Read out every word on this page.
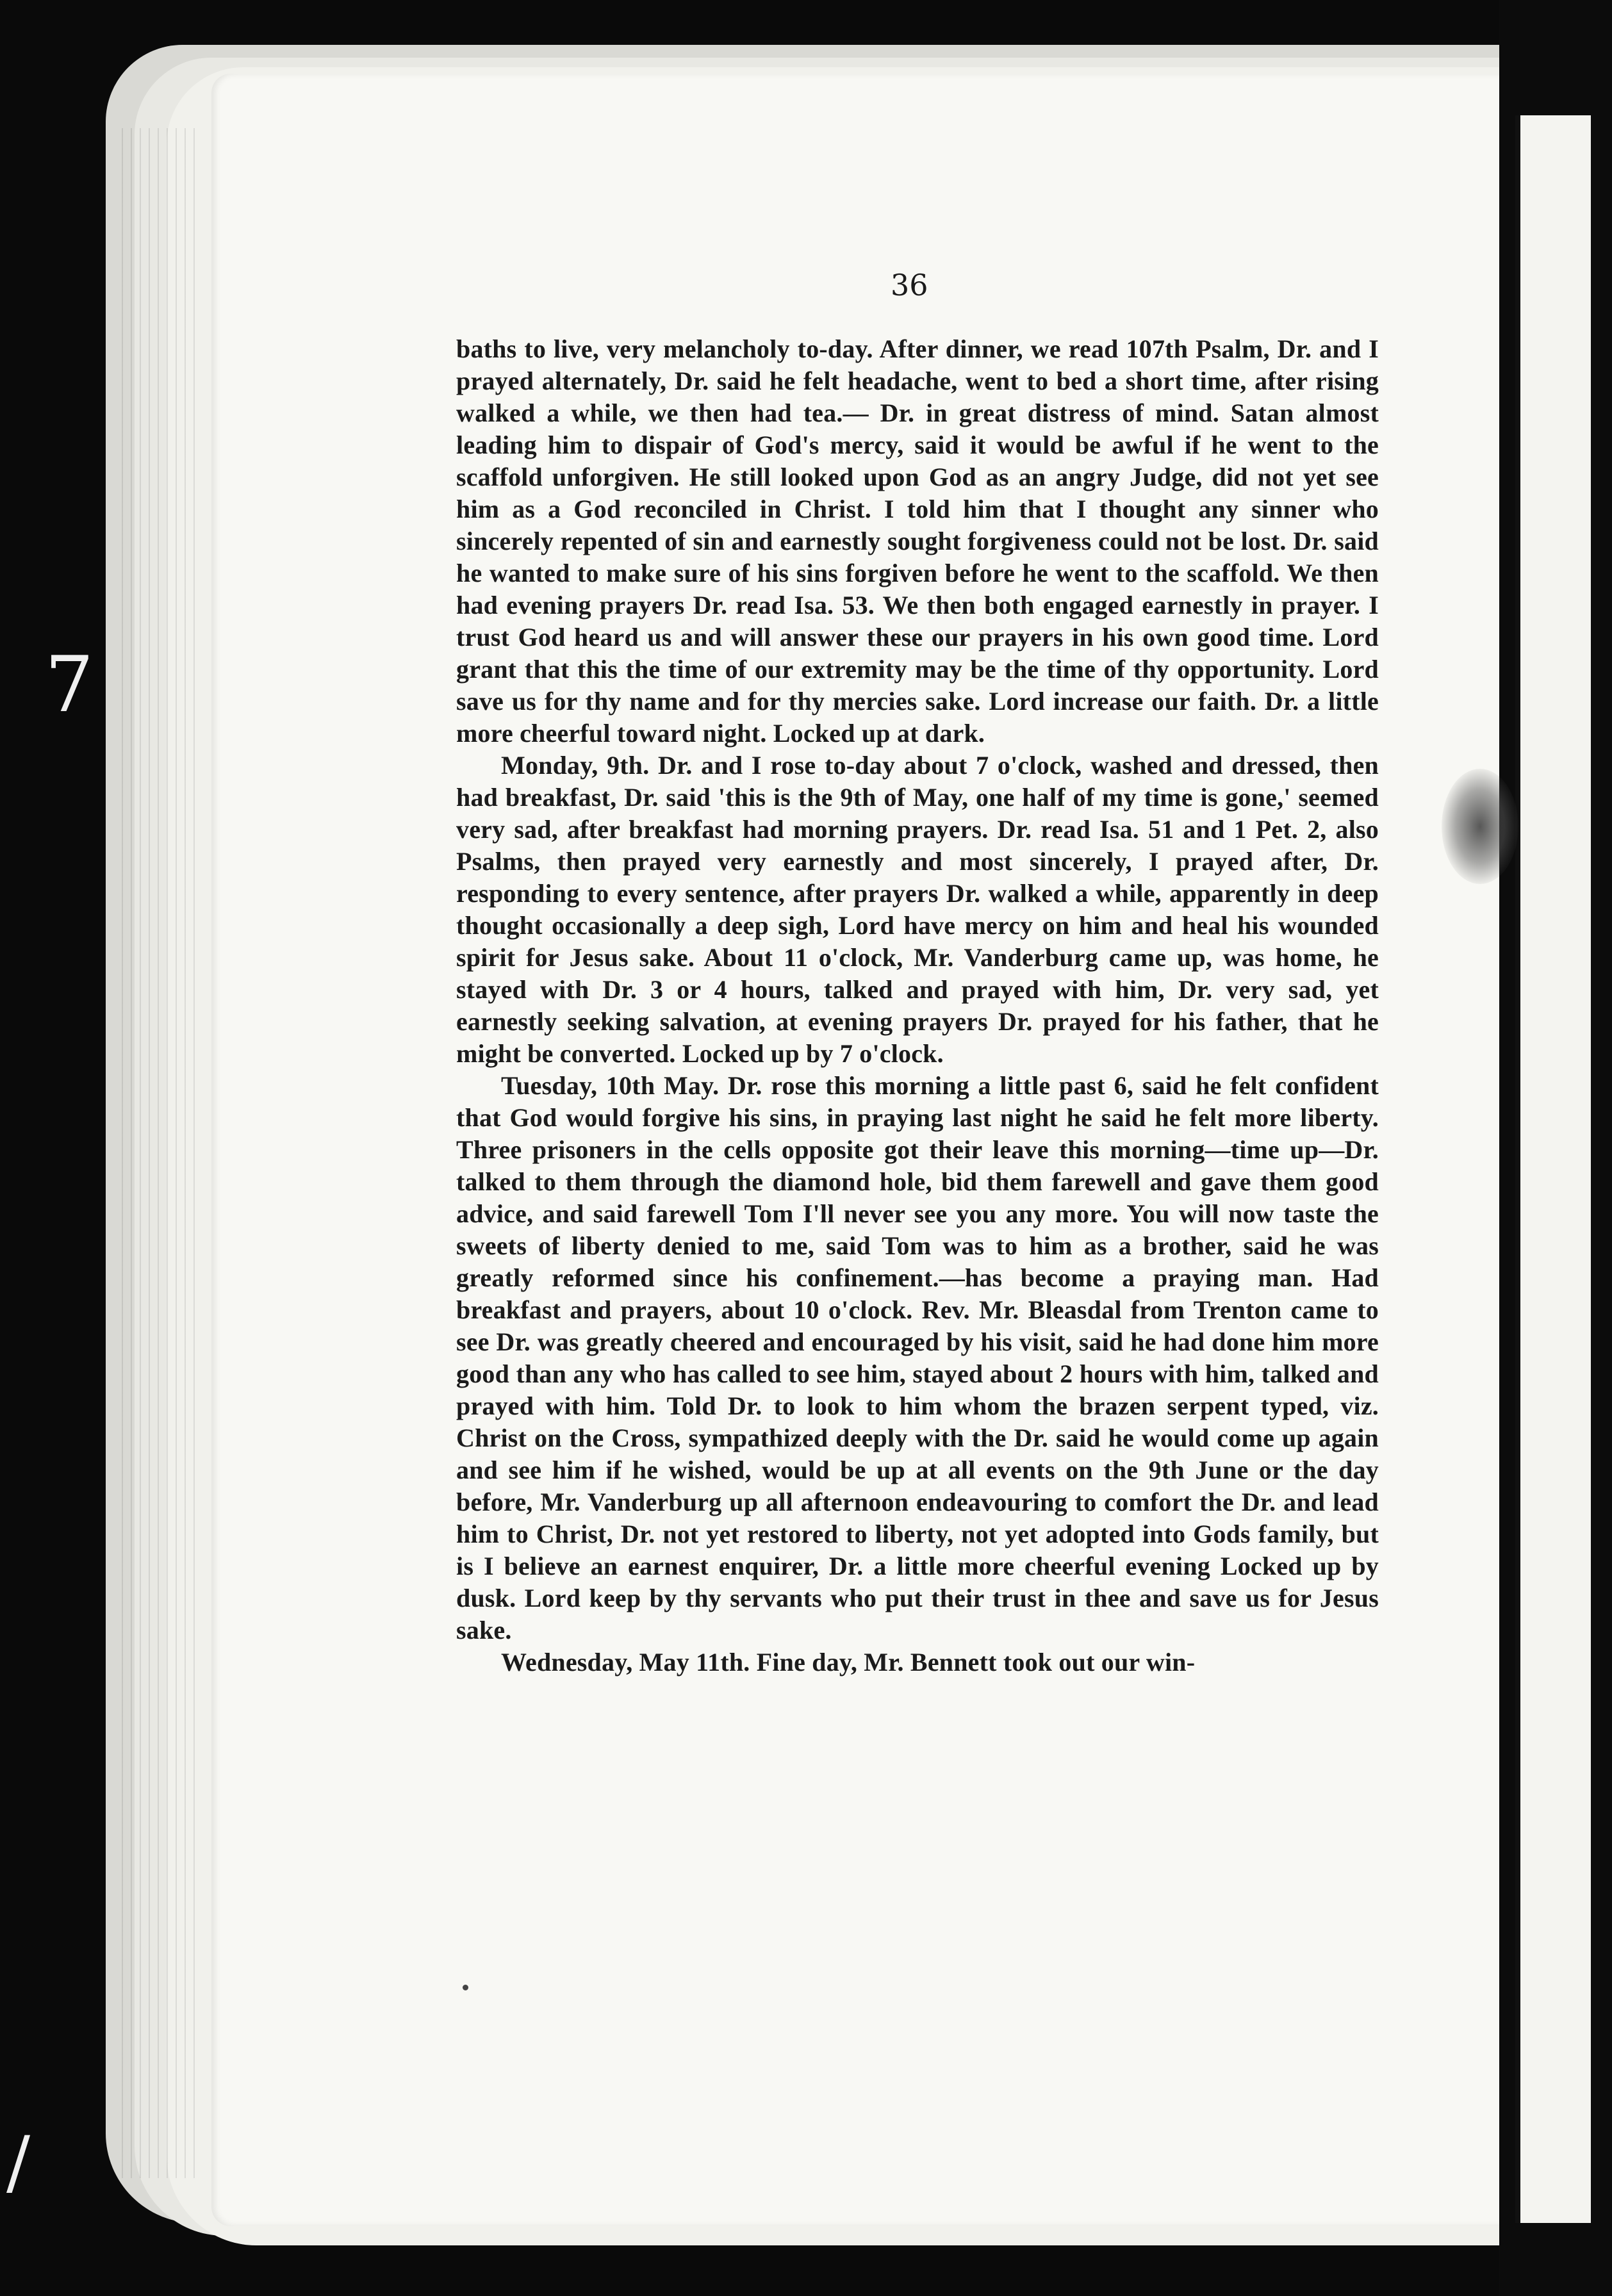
7
/
36

baths to live, very melancholy to-day. After dinner, we read 107th Psalm, Dr. and I prayed alternately, Dr. said he felt headache, went to bed a short time, after rising walked a while, we then had tea.— Dr. in great distress of mind. Satan almost leading him to dispair of God's mercy, said it would be awful if he went to the scaffold unforgiven. He still looked upon God as an angry Judge, did not yet see him as a God reconciled in Christ. I told him that I thought any sinner who sincerely repented of sin and earnestly sought forgiveness could not be lost. Dr. said he wanted to make sure of his sins forgiven before he went to the scaffold. We then had evening prayers Dr. read Isa. 53. We then both engaged earnestly in prayer. I trust God heard us and will answer these our prayers in his own good time. Lord grant that this the time of our extremity may be the time of thy opportunity. Lord save us for thy name and for thy mercies sake. Lord increase our faith. Dr. a little more cheerful toward night. Locked up at dark.

Monday, 9th. Dr. and I rose to-day about 7 o'clock, washed and dressed, then had breakfast, Dr. said 'this is the 9th of May, one half of my time is gone,' seemed very sad, after breakfast had morning prayers. Dr. read Isa. 51 and 1 Pet. 2, also Psalms, then prayed very earnestly and most sincerely, I prayed after, Dr. responding to every sentence, after prayers Dr. walked a while, apparently in deep thought occasionally a deep sigh, Lord have mercy on him and heal his wounded spirit for Jesus sake. About 11 o'clock, Mr. Vanderburg came up, was home, he stayed with Dr. 3 or 4 hours, talked and prayed with him, Dr. very sad, yet earnestly seeking salvation, at evening prayers Dr. prayed for his father, that he might be converted. Locked up by 7 o'clock.

Tuesday, 10th May. Dr. rose this morning a little past 6, said he felt confident that God would forgive his sins, in praying last night he said he felt more liberty. Three prisoners in the cells opposite got their leave this morning—time up—Dr. talked to them through the diamond hole, bid them farewell and gave them good advice, and said farewell Tom I'll never see you any more. You will now taste the sweets of liberty denied to me, said Tom was to him as a brother, said he was greatly reformed since his confinement.—has become a praying man. Had breakfast and prayers, about 10 o'clock. Rev. Mr. Bleasdal from Trenton came to see Dr. was greatly cheered and encouraged by his visit, said he had done him more good than any who has called to see him, stayed about 2 hours with him, talked and prayed with him. Told Dr. to look to him whom the brazen serpent typed, viz. Christ on the Cross, sympathized deeply with the Dr. said he would come up again and see him if he wished, would be up at all events on the 9th June or the day before, Mr. Vanderburg up all afternoon endeavouring to comfort the Dr. and lead him to Christ, Dr. not yet restored to liberty, not yet adopted into Gods family, but is I believe an earnest enquirer, Dr. a little more cheerful evening Locked up by dusk. Lord keep by thy servants who put their trust in thee and save us for Jesus sake.

Wednesday, May 11th. Fine day, Mr. Bennett took out our win-
